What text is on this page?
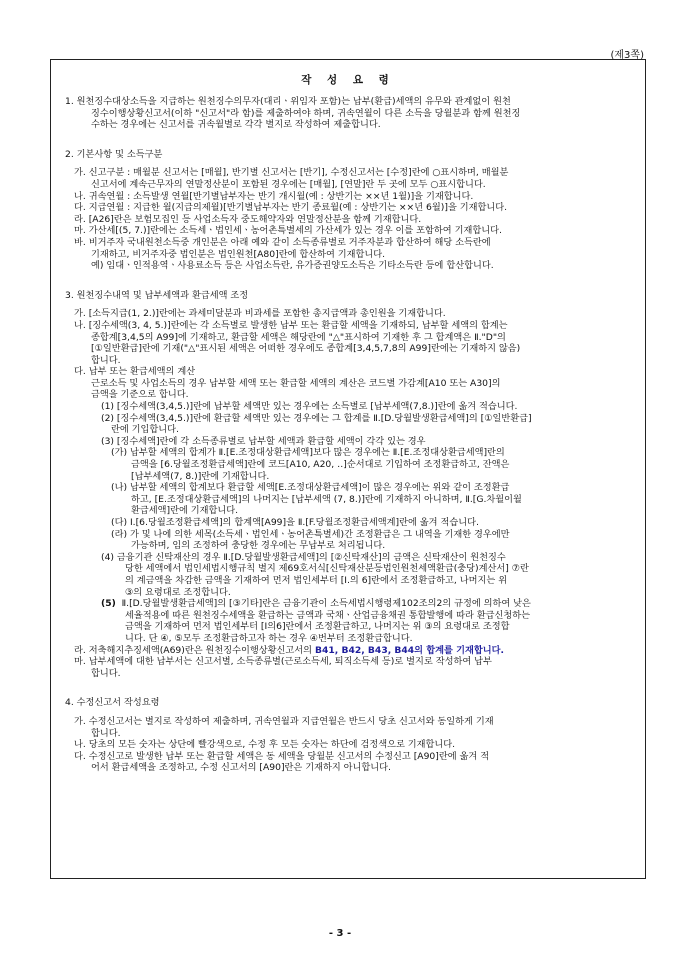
(제3쪽)
작 성 요 령
1. 원천징수대상소득을 지급하는 원천징수의무자(대리ㆍ위임자 포함)는 납부(환급)세액의 유무와 관계없이 원천
징수이행상황신고서(이하 "신고서"라 함)를 제출하여야 하며, 귀속연월이 다른 소득을 당월분과 함께 원천징
수하는 경우에는 신고서를 귀속월별로 각각 별지로 작성하여 제출합니다.
2. 기본사항 및 소득구분
가. 신고구분 : 매월분 신고서는 [매월], 반기별 신고서는 [반기], 수정신고서는 [수정]란에 ○표시하며, 매월분
신고서에 계속근무자의 연말정산분이 포함된 경우에는 [매월], [연말]란 두 곳에 모두 ○표시합니다.
나. 귀속연월 : 소득발생 연월[반기별납부자는 반기 개시월(예 : 상반기는 ××년 1월)]을 기재합니다.
다. 지급연월 : 지급한 월(지급의제월)[반기별납부자는 반기 종료월(예 : 상반기는 ××년 6월)]을 기재합니다.
라. [A26]란은 보험모집인 등 사업소득자 중도해약자와 연말정산분을 함께 기재합니다.
마. 가산세[(5, 7.)]란에는 소득세ㆍ법인세ㆍ농어촌특별세의 가산세가 있는 경우 이를 포함하여 기재합니다.
바. 비거주자 국내원천소득중 개인분은 아래 예와 같이 소득종류별로 거주자분과 합산하여 해당 소득란에
기재하고, 비거주자중 법인분은 법인원천[A80]란에 합산하여 기재합니다.
예) 임대ㆍ인적용역ㆍ사용료소득 등은 사업소득란, 유가증권양도소득은 기타소득란 등에 합산합니다.
3. 원천징수내역 및 납부세액과 환급세액 조정
가. [소득지급(1, 2.)]란에는 과세미달분과 비과세를 포함한 총지급액과 총인원을 기재합니다.
나. [징수세액(3, 4, 5.)]란에는 각 소득별로 발생한 납부 또는 환급할 세액을 기재하되, 납부할 세액의 합계는
종합계[3,4,5의 A99]에 기재하고, 환급할 세액은 해당란에 "△"표시하여 기재한 후 그 합계액은 Ⅱ."D"의
[①일반환급]란에 기재("△"표시된 세액은 어떠한 경우에도 종합계[3,4,5,7,8의 A99]란에는 기재하지 않음)
합니다.
다. 납부 또는 환급세액의 계산
근로소득 및 사업소득의 경우 납부할 세액 또는 환급할 세액의 계산은 코드별 가감계[A10 또는 A30]의
금액을 기준으로 합니다.
(1) [징수세액(3,4,5.)]란에 납부할 세액만 있는 경우에는 소득별로 [납부세액(7,8.)]란에 옮겨 적습니다.
(2) [징수세액(3,4,5.)]란에 환급할 세액만 있는 경우에는 그 합계를 Ⅱ.[D.당월발생환급세액]의 [①일반환급]
란에 기입합니다.
(3) [징수세액]란에 각 소득종류별로 납부할 세액과 환급할 세액이 각각 있는 경우
(가) 납부할 세액의 합계가 Ⅱ.[E.조정대상환급세액]보다 많은 경우에는 Ⅱ.[E.조정대상환급세액]란의
금액을 [6.당월조정환급세액]란에 코드[A10, A20, ‥]순서대로 기입하여 조정환급하고, 잔액은
[납부세액(7, 8.)]란에 기재합니다.
(나) 납부할 세액의 합계보다 환급할 세액[E.조정대상환급세액]이 많은 경우에는 위와 같이 조정환급
하고, [E.조정대상환급세액]의 나머지는 [납부세액 (7, 8.)]란에 기재하지 아니하며, Ⅱ.[G.차월이월
환급세액]란에 기재합니다.
(다) Ⅰ.[6.당월조정환급세액]의 합계액[A99]을 Ⅱ.[F.당월조정환급세액계]란에 옮겨 적습니다.
(라) 가 및 나에 의한 세목(소득세ㆍ법인세ㆍ농어촌특별세)간 조정환급은 그 내역을 기재한 경우에만
가능하며, 임의 조정하여 충당한 경우에는 무납부로 처리됩니다.
(4) 금융기관 신탁재산의 경우 Ⅱ.[D.당월발생환급세액]의 [②신탁재산]의 금액은 신탁재산이 원천징수
당한 세액에서 법인세법시행규칙 별지 제69호서식[신탁재산분등법인원천세액환급(충당)계산서] ⑦란
의 계금액을 차감한 금액을 기재하여 먼저 법인세부터 [Ⅰ.의 6]란에서 조정환급하고, 나머지는 위
③의 요령대로 조정합니다.
(5) Ⅱ.[D.당월발생환급세액]의 [③기타]란은 금융기관이 소득세법시행령제102조의2의 규정에 의하여 낮은
세율적용에 따른 원천징수세액을 환급하는 금액과 국채ㆍ산업금융채권 통합발행에 따라 환급신청하는
금액을 기재하여 먼저 법인세부터 [Ⅰ의6]란에서 조정환급하고, 나머지는 위 ③의 요령대로 조정합
니다. 단 ④, ⑤모두 조정환급하고자 하는 경우 ④번부터 조정환급합니다.
라. 저축해지추징세액(A69)란은 원천징수이행상황신고서의 B41, B42, B43, B44의 합계를 기재합니다.
마. 납부세액에 대한 납부서는 신고서별, 소득종류별(근로소득세, 퇴직소득세 등)로 별지로 작성하여 납부
합니다.
4. 수정신고서 작성요령
가. 수정신고서는 별지로 작성하여 제출하며, 귀속연월과 지급연월은 반드시 당초 신고서와 동일하게 기재
합니다.
나. 당초의 모든 숫자는 상단에 빨강색으로, 수정 후 모든 숫자는 하단에 검정색으로 기재합니다.
다. 수정신고로 발생한 납부 또는 환급할 세액은 동 세액을 당월분 신고서의 수정신고 [A90]란에 옮겨 적
어서 환급세액을 조정하고, 수정 신고서의 [A90]란은 기재하지 아니합니다.
- 3 -
